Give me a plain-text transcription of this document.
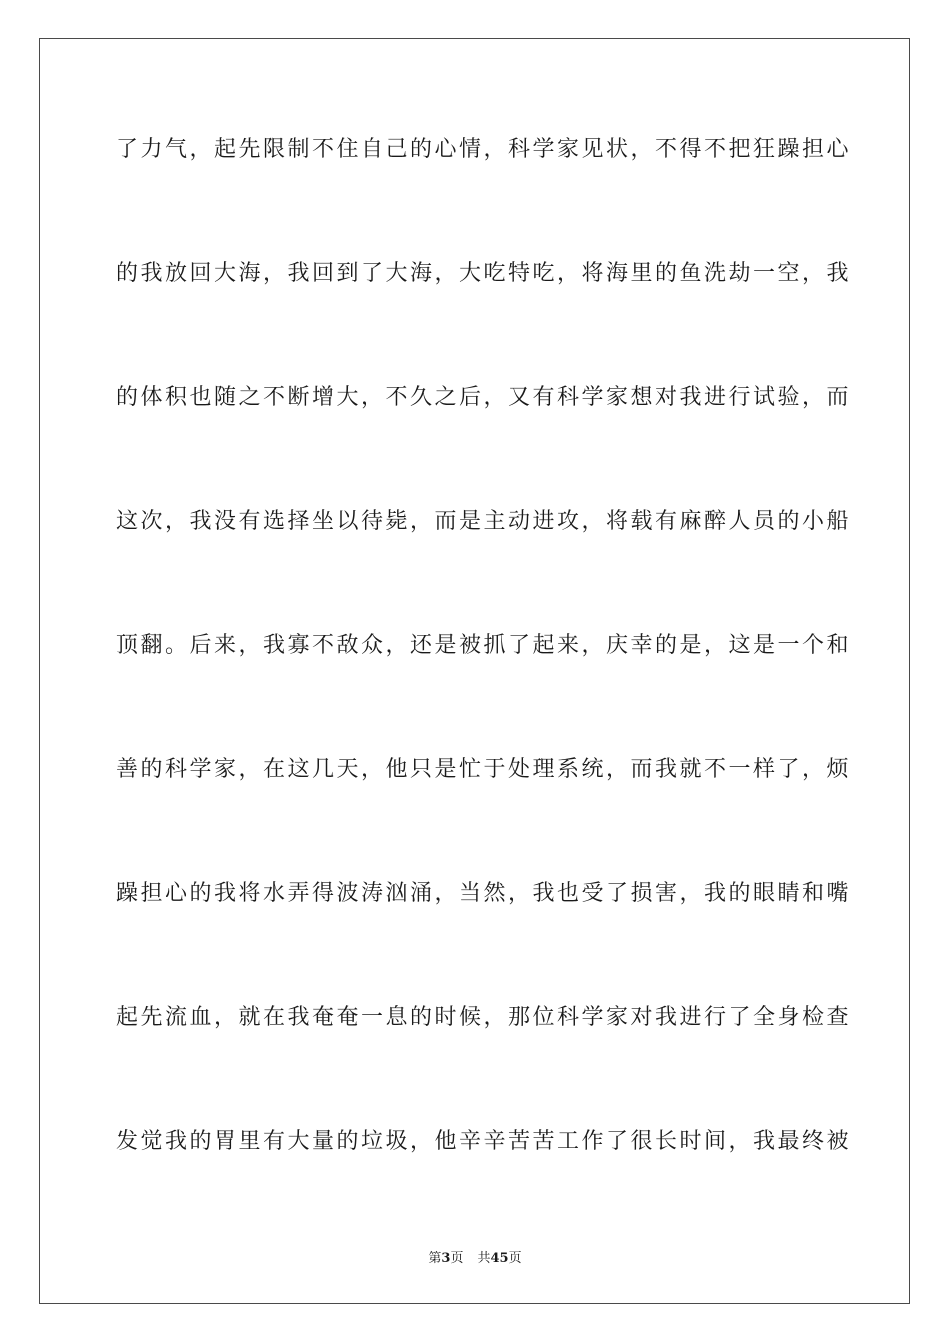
了力气，起先限制不住自己的心情，科学家见状，不得不把狂躁担心
的我放回大海，我回到了大海，大吃特吃，将海里的鱼洗劫一空，我
的体积也随之不断增大，不久之后，又有科学家想对我进行试验，而
这次，我没有选择坐以待毙，而是主动进攻，将载有麻醉人员的小船
顶翻。后来，我寡不敌众，还是被抓了起来，庆幸的是，这是一个和
善的科学家，在这几天，他只是忙于处理系统，而我就不一样了，烦
躁担心的我将水弄得波涛汹涌，当然，我也受了损害，我的眼睛和嘴
起先流血，就在我奄奄一息的时候，那位科学家对我进行了全身检查
发觉我的胃里有大量的垃圾，他辛辛苦苦工作了很长时间，我最终被
第3页 共45页
